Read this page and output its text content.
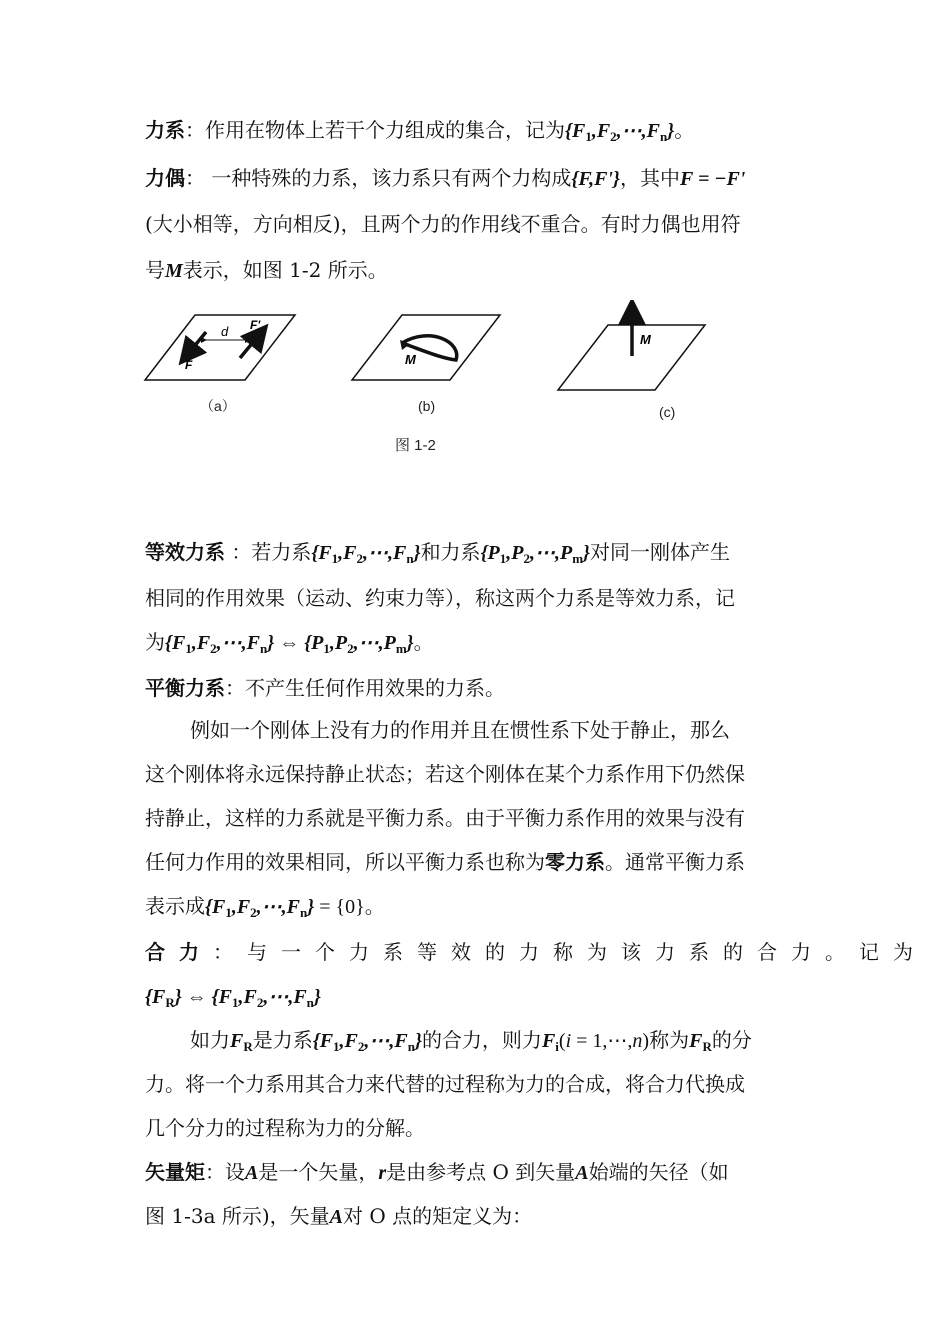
力系：作用在物体上若干个力组成的集合，记为$\{F_1,F_2,\cdots,F_n\}$。
力偶： 一种特殊的力系，该力系只有两个力构成{F,F'}，其中F = −F'
(大小相等，方向相反)，且两个力的作用线不重合。有时力偶也用符
号M表示，如图 1-2 所示。
d
F
F'
M
M
（a）	(b)	(c)
图 1-2
等效力系 ：若力系$\{F_1,F_2,\cdots,F_n\}$和力系$\{P_1,P_2,\cdots,P_m\}$对同一刚体产生
相同的作用效果（运动、约束力等），称这两个力系是等效力系，记
为$\{F_1,F_2,\cdots,F_n\}$ ⇔ $\{P_1,P_2,\cdots,P_m\}$。
平衡力系：不产生任何作用效果的力系。
例如一个刚体上没有力的作用并且在惯性系下处于静止，那么
这个刚体将永远保持静止状态；若这个刚体在某个力系作用下仍然保
持静止，这样的力系就是平衡力系。由于平衡力系作用的效果与没有
任何力作用的效果相同，所以平衡力系也称为零力系。通常平衡力系
表示成$\{F_1,F_2,\cdots,F_n\} = \{0\}$。
合力：与一个力系等效的力称为该力系的合力。记为
$\{F_R\}$ ⇔ $\{F_1,F_2,\cdots,F_n\}$
如力$F_R$是力系$\{F_1,F_2,\cdots,F_n\}$的合力，则力$F_i(i$ = 1,⋯,n)称为$F_R$的分
力。将一个力系用其合力来代替的过程称为力的合成，将合力代换成
几个分力的过程称为力的分解。
矢量矩：设A是一个矢量，r是由参考点 O 到矢量A始端的矢径（如
图 1-3a 所示)，矢量A对 O 点的矩定义为：
